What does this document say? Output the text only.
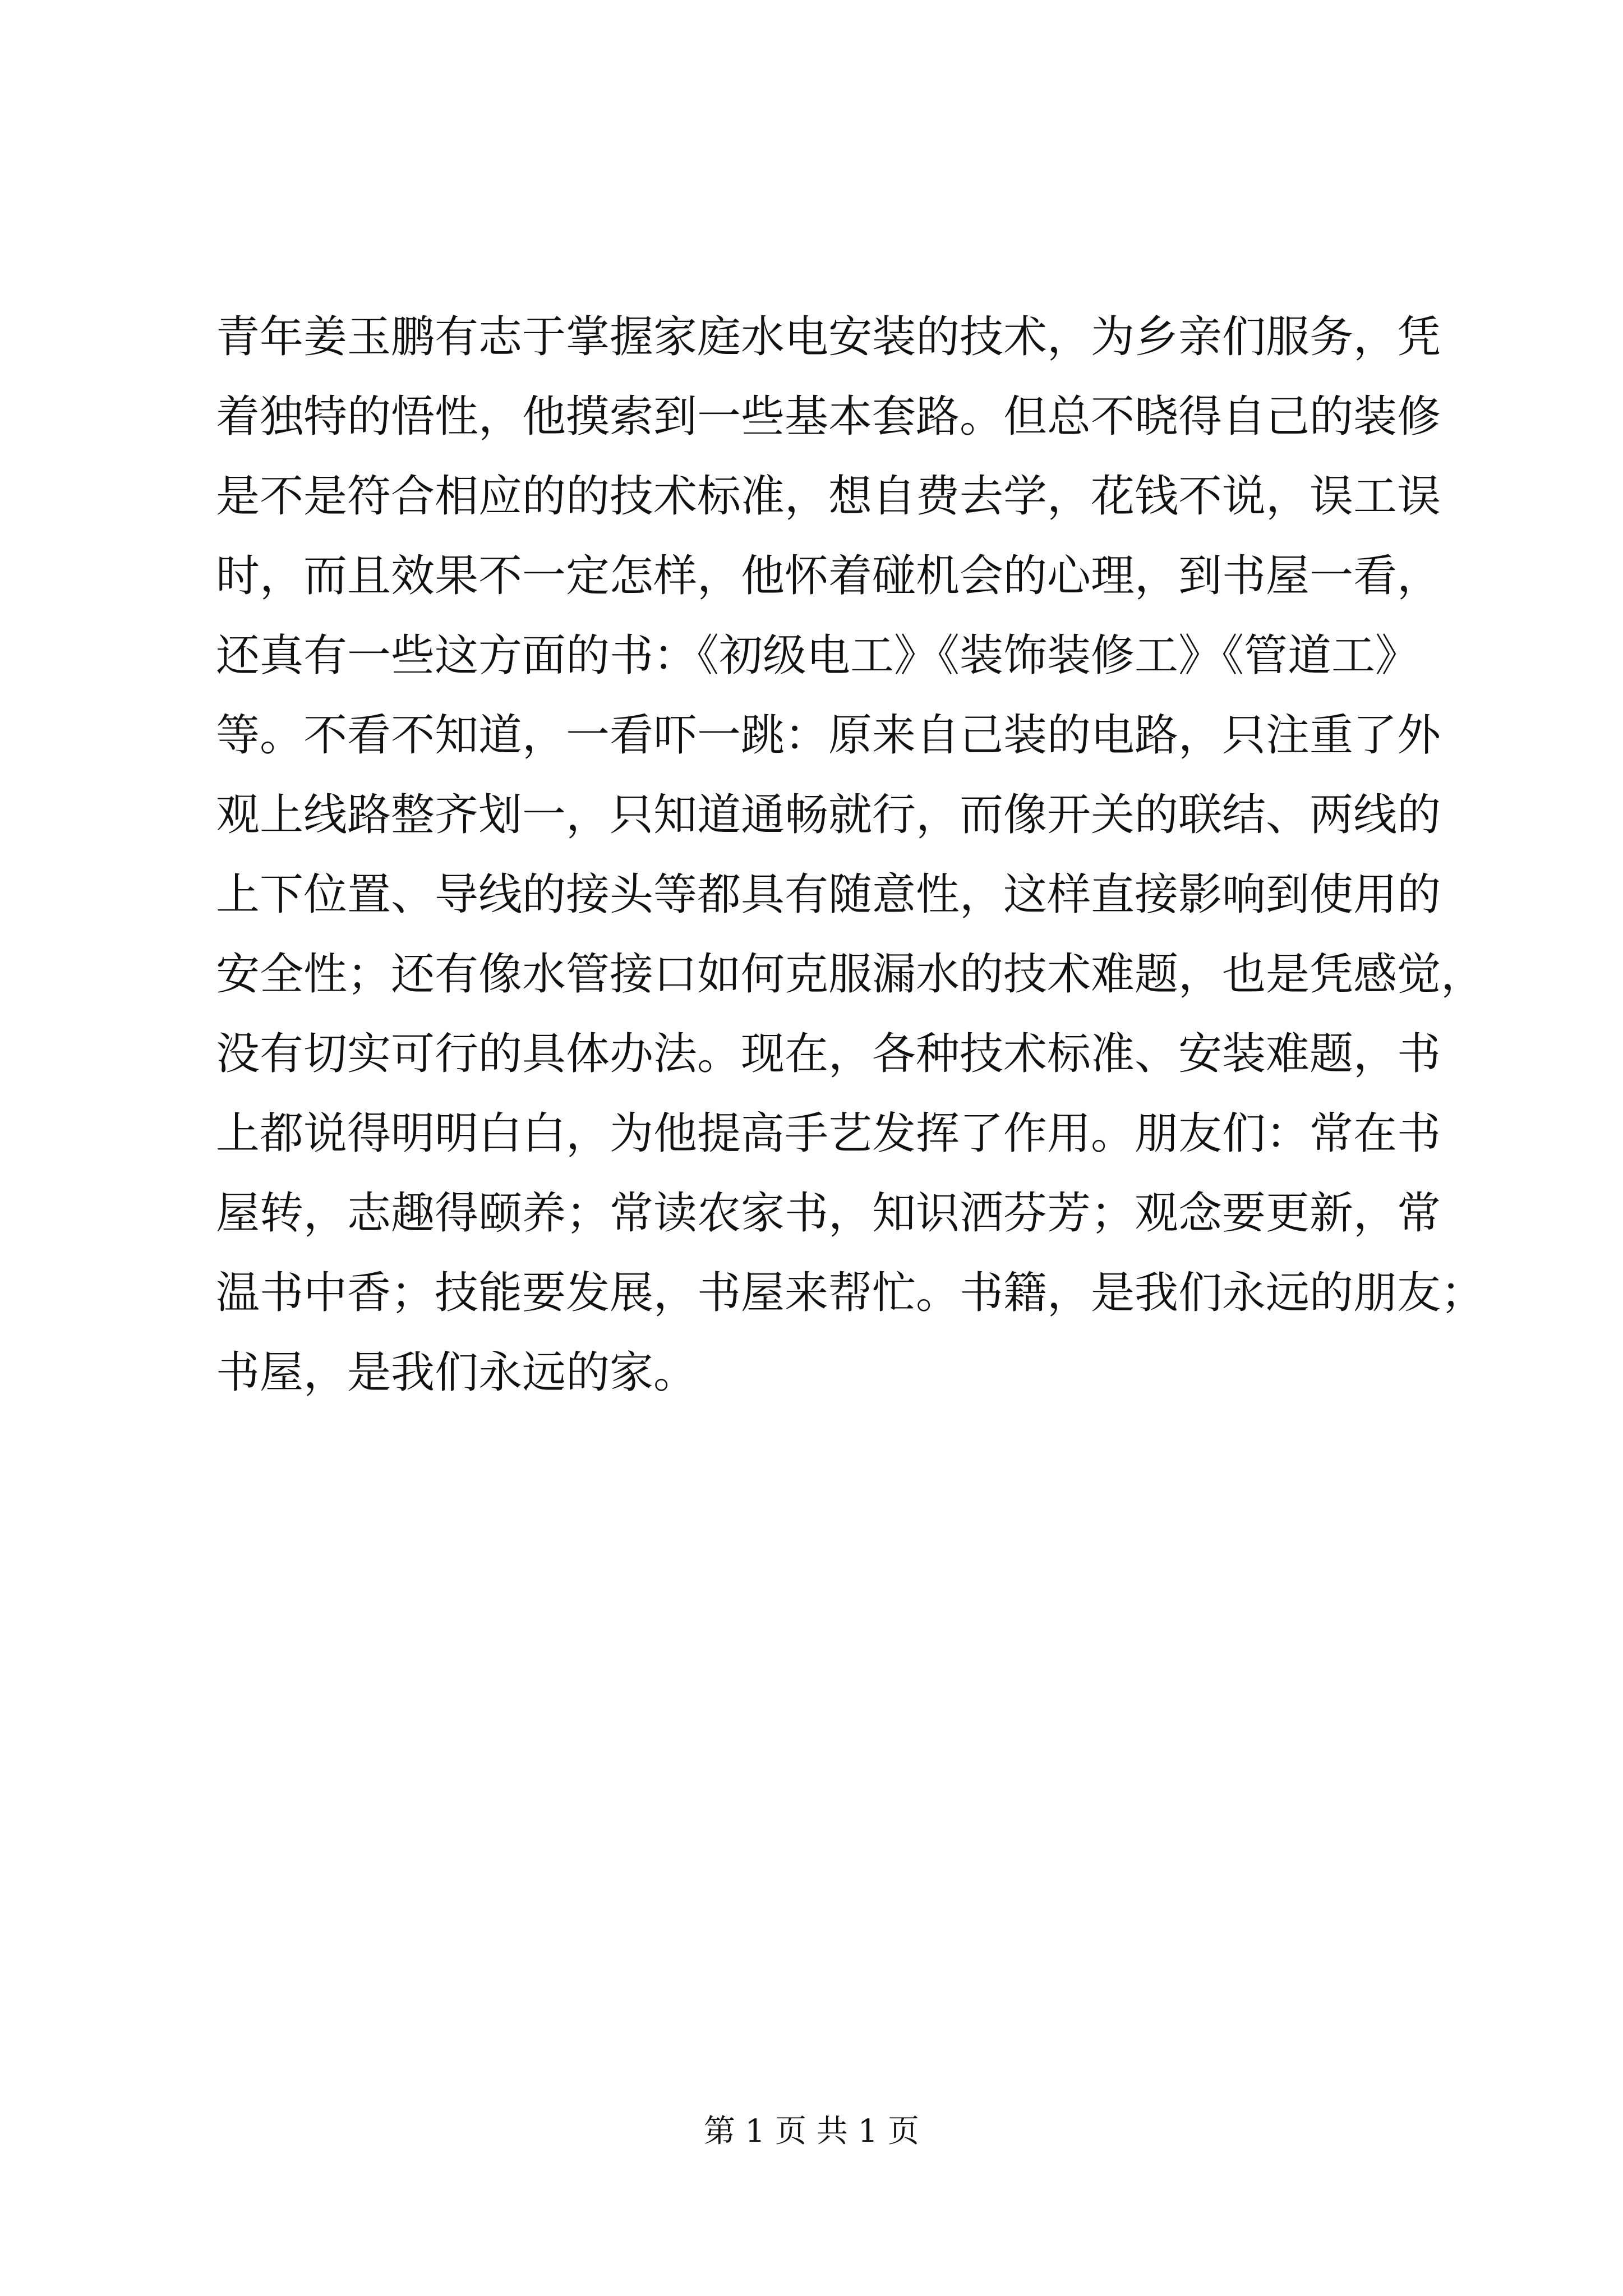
青年姜玉鹏有志于掌握家庭水电安装的技术，为乡亲们服务，凭
着独特的悟性，他摸索到一些基本套路。但总不晓得自己的装修
是不是符合相应的的技术标准，想自费去学，花钱不说，误工误
时，而且效果不一定怎样，他怀着碰机会的心理，到书屋一看，
还真有一些这方面的书：《初级电工》《装饰装修工》《管道工》
等。不看不知道，一看吓一跳：原来自己装的电路，只注重了外
观上线路整齐划一，只知道通畅就行，而像开关的联结、两线的
上下位置、导线的接头等都具有随意性，这样直接影响到使用的
安全性；还有像水管接口如何克服漏水的技术难题，也是凭感觉，
没有切实可行的具体办法。现在，各种技术标准、安装难题，书
上都说得明明白白，为他提高手艺发挥了作用。朋友们：常在书
屋转，志趣得颐养；常读农家书，知识洒芬芳；观念要更新，常
温书中香；技能要发展，书屋来帮忙。书籍，是我们永远的朋友；
书屋，是我们永远的家。
第 1 页 共 1 页
